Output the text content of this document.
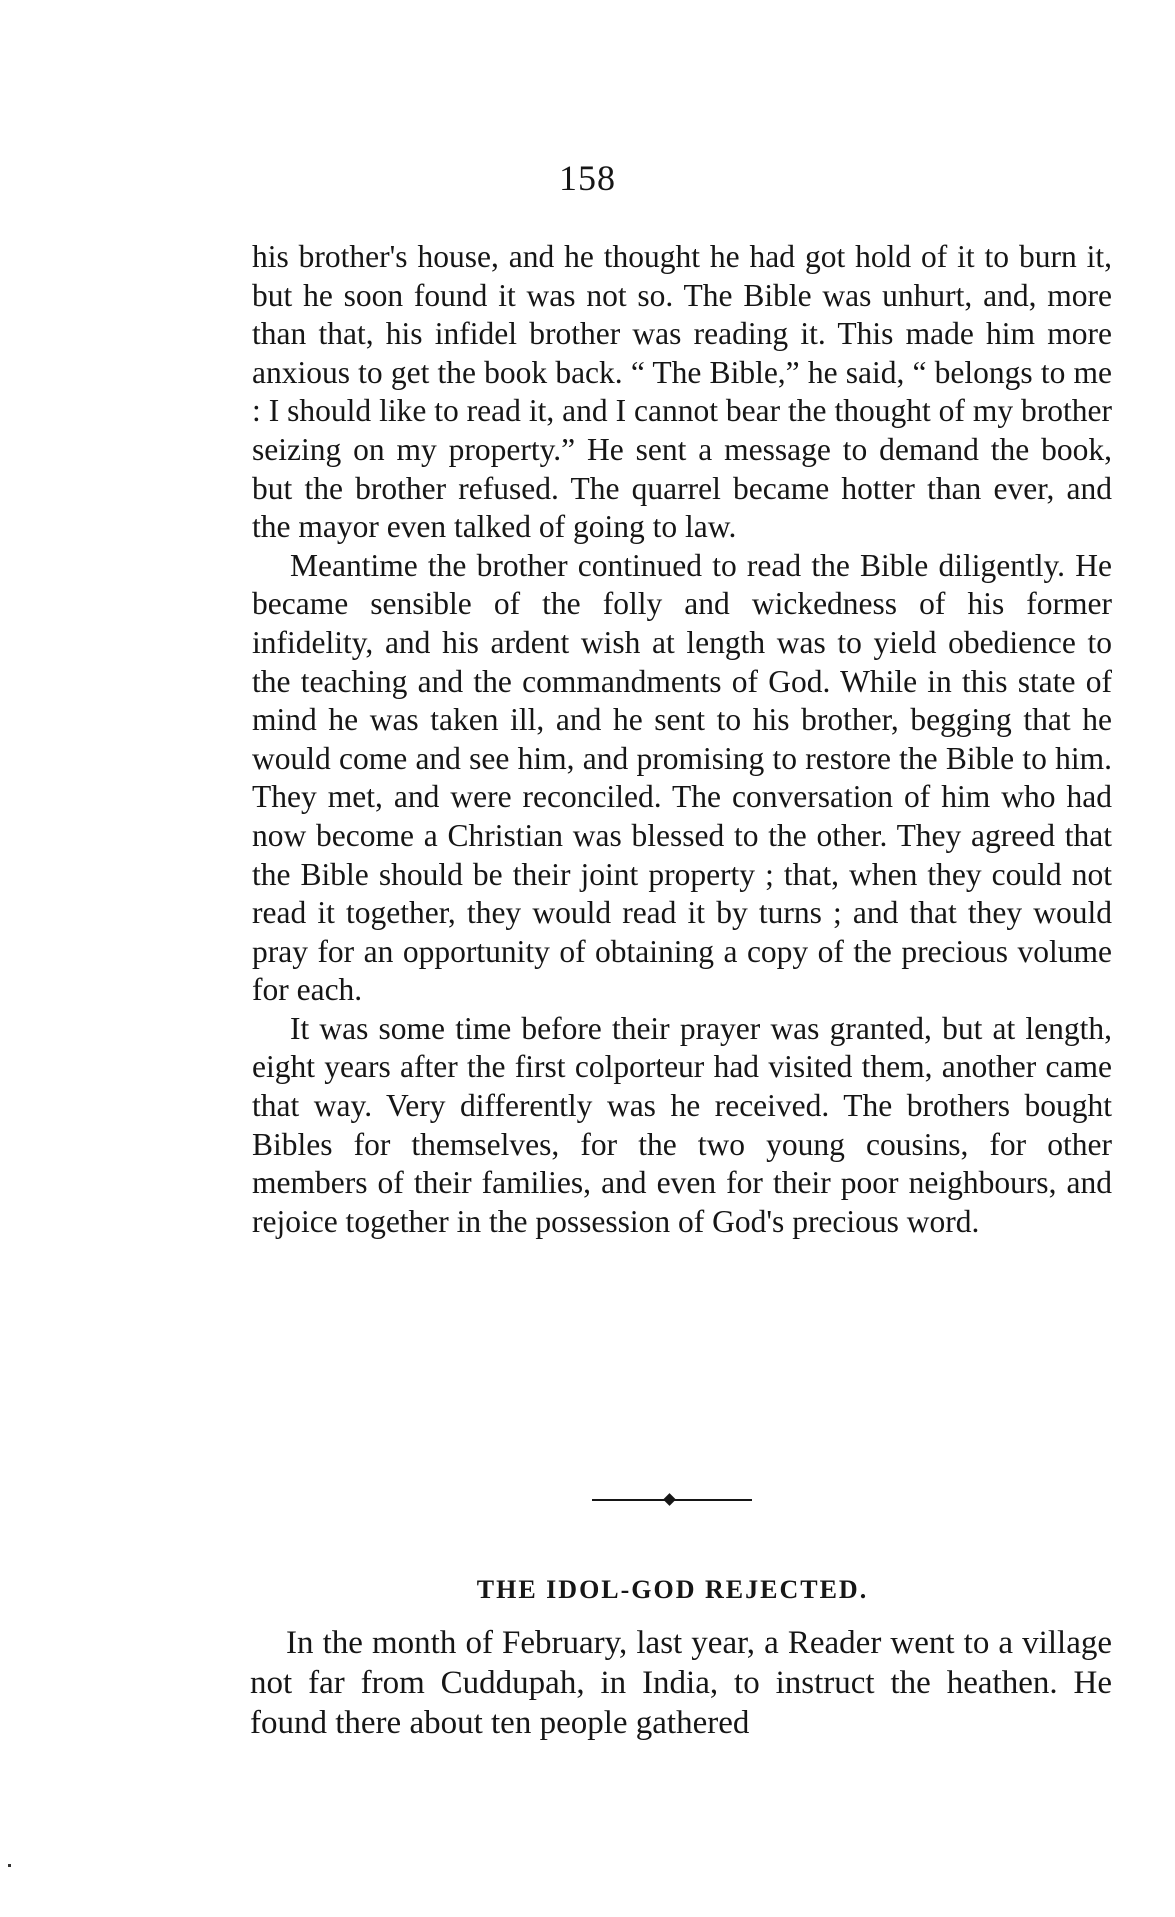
158

his brother's house, and he thought he had got hold of it to burn it, but he soon found it was not so. The Bible was unhurt, and, more than that, his infidel brother was reading it. This made him more anxious to get the book back. “ The Bible,” he said, “ belongs to me : I should like to read it, and I cannot bear the thought of my brother seizing on my property.” He sent a message to demand the book, but the brother refused. The quarrel became hotter than ever, and the mayor even talked of going to law.

Meantime the brother continued to read the Bible diligently. He became sensible of the folly and wickedness of his former infidelity, and his ardent wish at length was to yield obedience to the teaching and the commandments of God. While in this state of mind he was taken ill, and he sent to his brother, begging that he would come and see him, and promising to restore the Bible to him. They met, and were reconciled. The conversation of him who had now become a Christian was blessed to the other. They agreed that the Bible should be their joint property ; that, when they could not read it together, they would read it by turns ; and that they would pray for an opportunity of obtaining a copy of the precious volume for each.

It was some time before their prayer was granted, but at length, eight years after the first colporteur had visited them, another came that way. Very differently was he received. The brothers bought Bibles for themselves, for the two young cousins, for other members of their families, and even for their poor neighbours, and rejoice together in the possession of God's precious word.

THE IDOL-GOD REJECTED.

In the month of February, last year, a Reader went to a village not far from Cuddupah, in India, to instruct the heathen. He found there about ten people gathered
